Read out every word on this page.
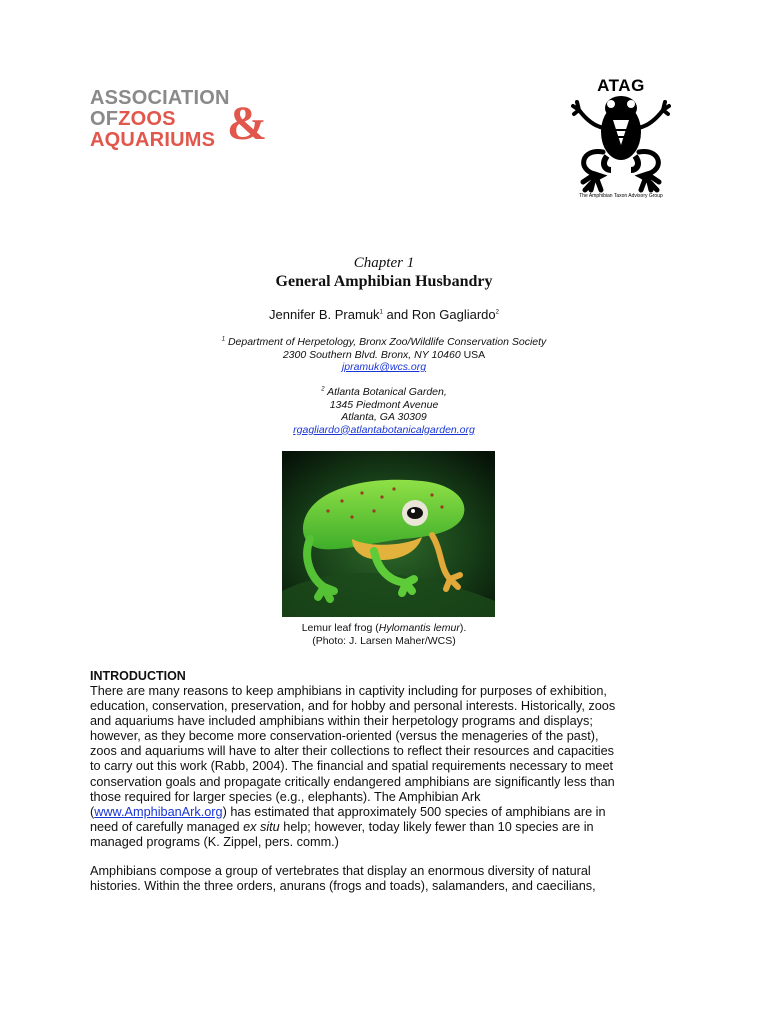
ASSOCIATION
OFZOOS
AQUARIUMS &
ATAG
The Amphibian Taxon Advisory Group
Chapter 1
General Amphibian Husbandry
Jennifer B. Pramuk$^1$ and Ron Gagliardo$^2$
$^1$ Department of Herpetology, Bronx Zoo/Wildlife Conservation Society
2300 Southern Blvd. Bronx, NY 10460 USA
jpramuk@wcs.org
$^2$ Atlanta Botanical Garden,
1345 Piedmont Avenue
Atlanta, GA 30309
rgagliardo@atlantabotanicalgarden.org
Lemur leaf frog (Hylomantis lemur).
(Photo: J. Larsen Maher/WCS)
INTRODUCTION
There are many reasons to keep amphibians in captivity including for purposes of exhibition,
education, conservation, preservation, and for hobby and personal interests. Historically, zoos
and aquariums have included amphibians within their herpetology programs and displays;
however, as they become more conservation-oriented (versus the menageries of the past),
zoos and aquariums will have to alter their collections to reflect their resources and capacities
to carry out this work (Rabb, 2004). The financial and spatial requirements necessary to meet
conservation goals and propagate critically endangered amphibians are significantly less than
those required for larger species (e.g., elephants). The Amphibian Ark
(www.AmphibanArk.org) has estimated that approximately 500 species of amphibians are in
need of carefully managed ex situ help; however, today likely fewer than 10 species are in
managed programs (K. Zippel, pers. comm.)
Amphibians compose a group of vertebrates that display an enormous diversity of natural
histories. Within the three orders, anurans (frogs and toads), salamanders, and caecilians,
